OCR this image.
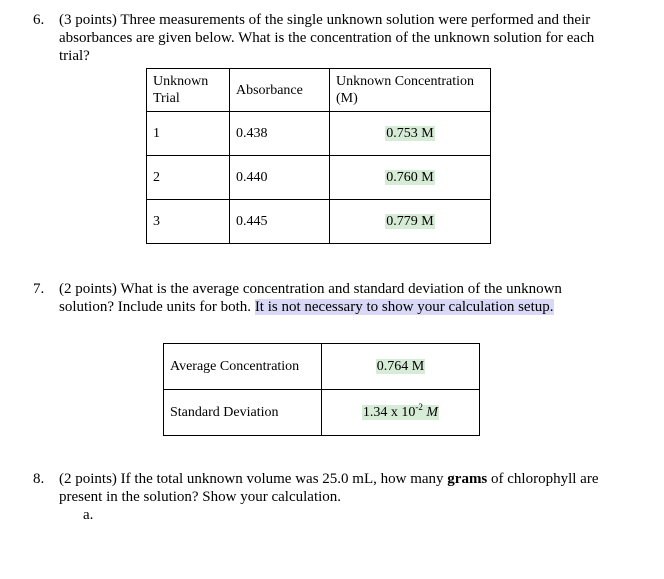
6. (3 points) Three measurements of the single unknown solution were performed and their
absorbances are given below. What is the concentration of the unknown solution for each
trial?
Unknown Trial	Absorbance	Unknown Concentration (M)
1	0.438	0.753 M
2	0.440	0.760 M
3	0.445	0.779 M
7. (2 points) What is the average concentration and standard deviation of the unknown
solution? Include units for both. It is not necessary to show your calculation setup.
Average Concentration	0.764 M
Standard Deviation	1.34 x $10^{-2}$ M
8. (2 points) If the total unknown volume was 25.0 mL, how many grams of chlorophyll are
present in the solution? Show your calculation.
a.
